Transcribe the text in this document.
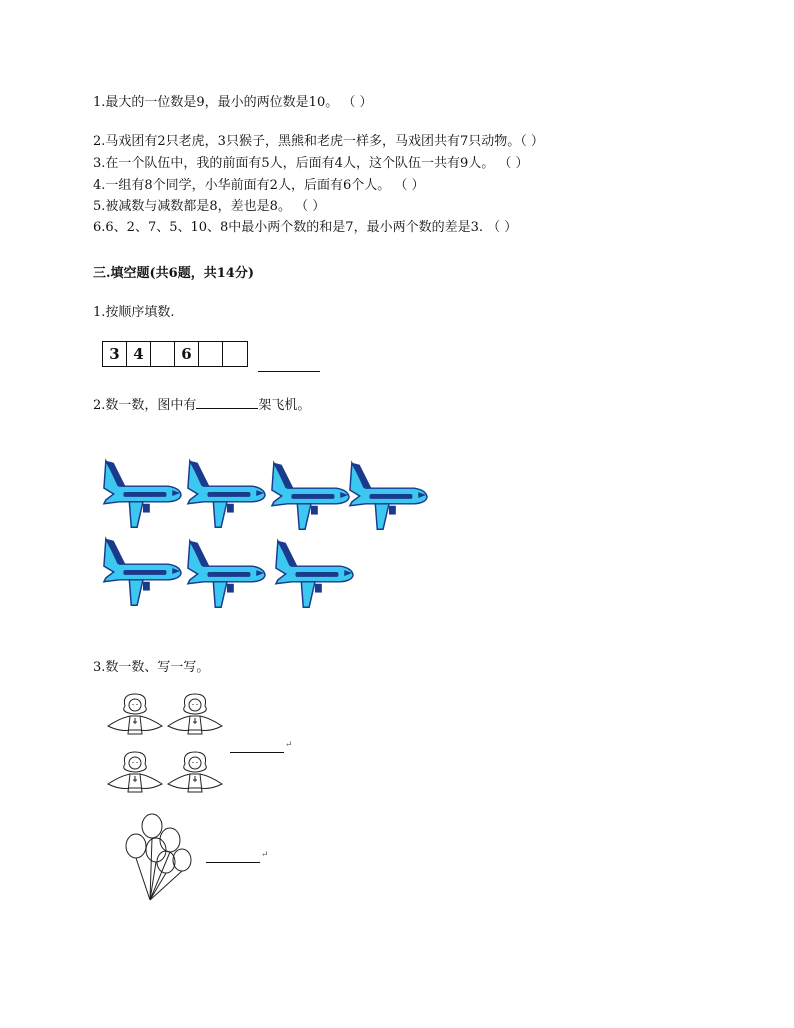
1.最大的一位数是9，最小的两位数是10。 （ ）
2.马戏团有2只老虎，3只猴子，黑熊和老虎一样多，马戏团共有7只动物。（ ）
3.在一个队伍中，我的前面有5人，后面有4人，这个队伍一共有9人。 （ ）
4.一组有8个同学，小华前面有2人，后面有6个人。 （ ）
5.被减数与减数都是8，差也是8。 （ ）
6.6、2、7、5、10、8中最小两个数的和是7，最小两个数的差是3. （ ）
三.填空题(共6题，共14分)
1.按顺序填数.
3 4	6
2.数一数，图中有	架飞机。
3.数一数、写一写。
↵
↵
